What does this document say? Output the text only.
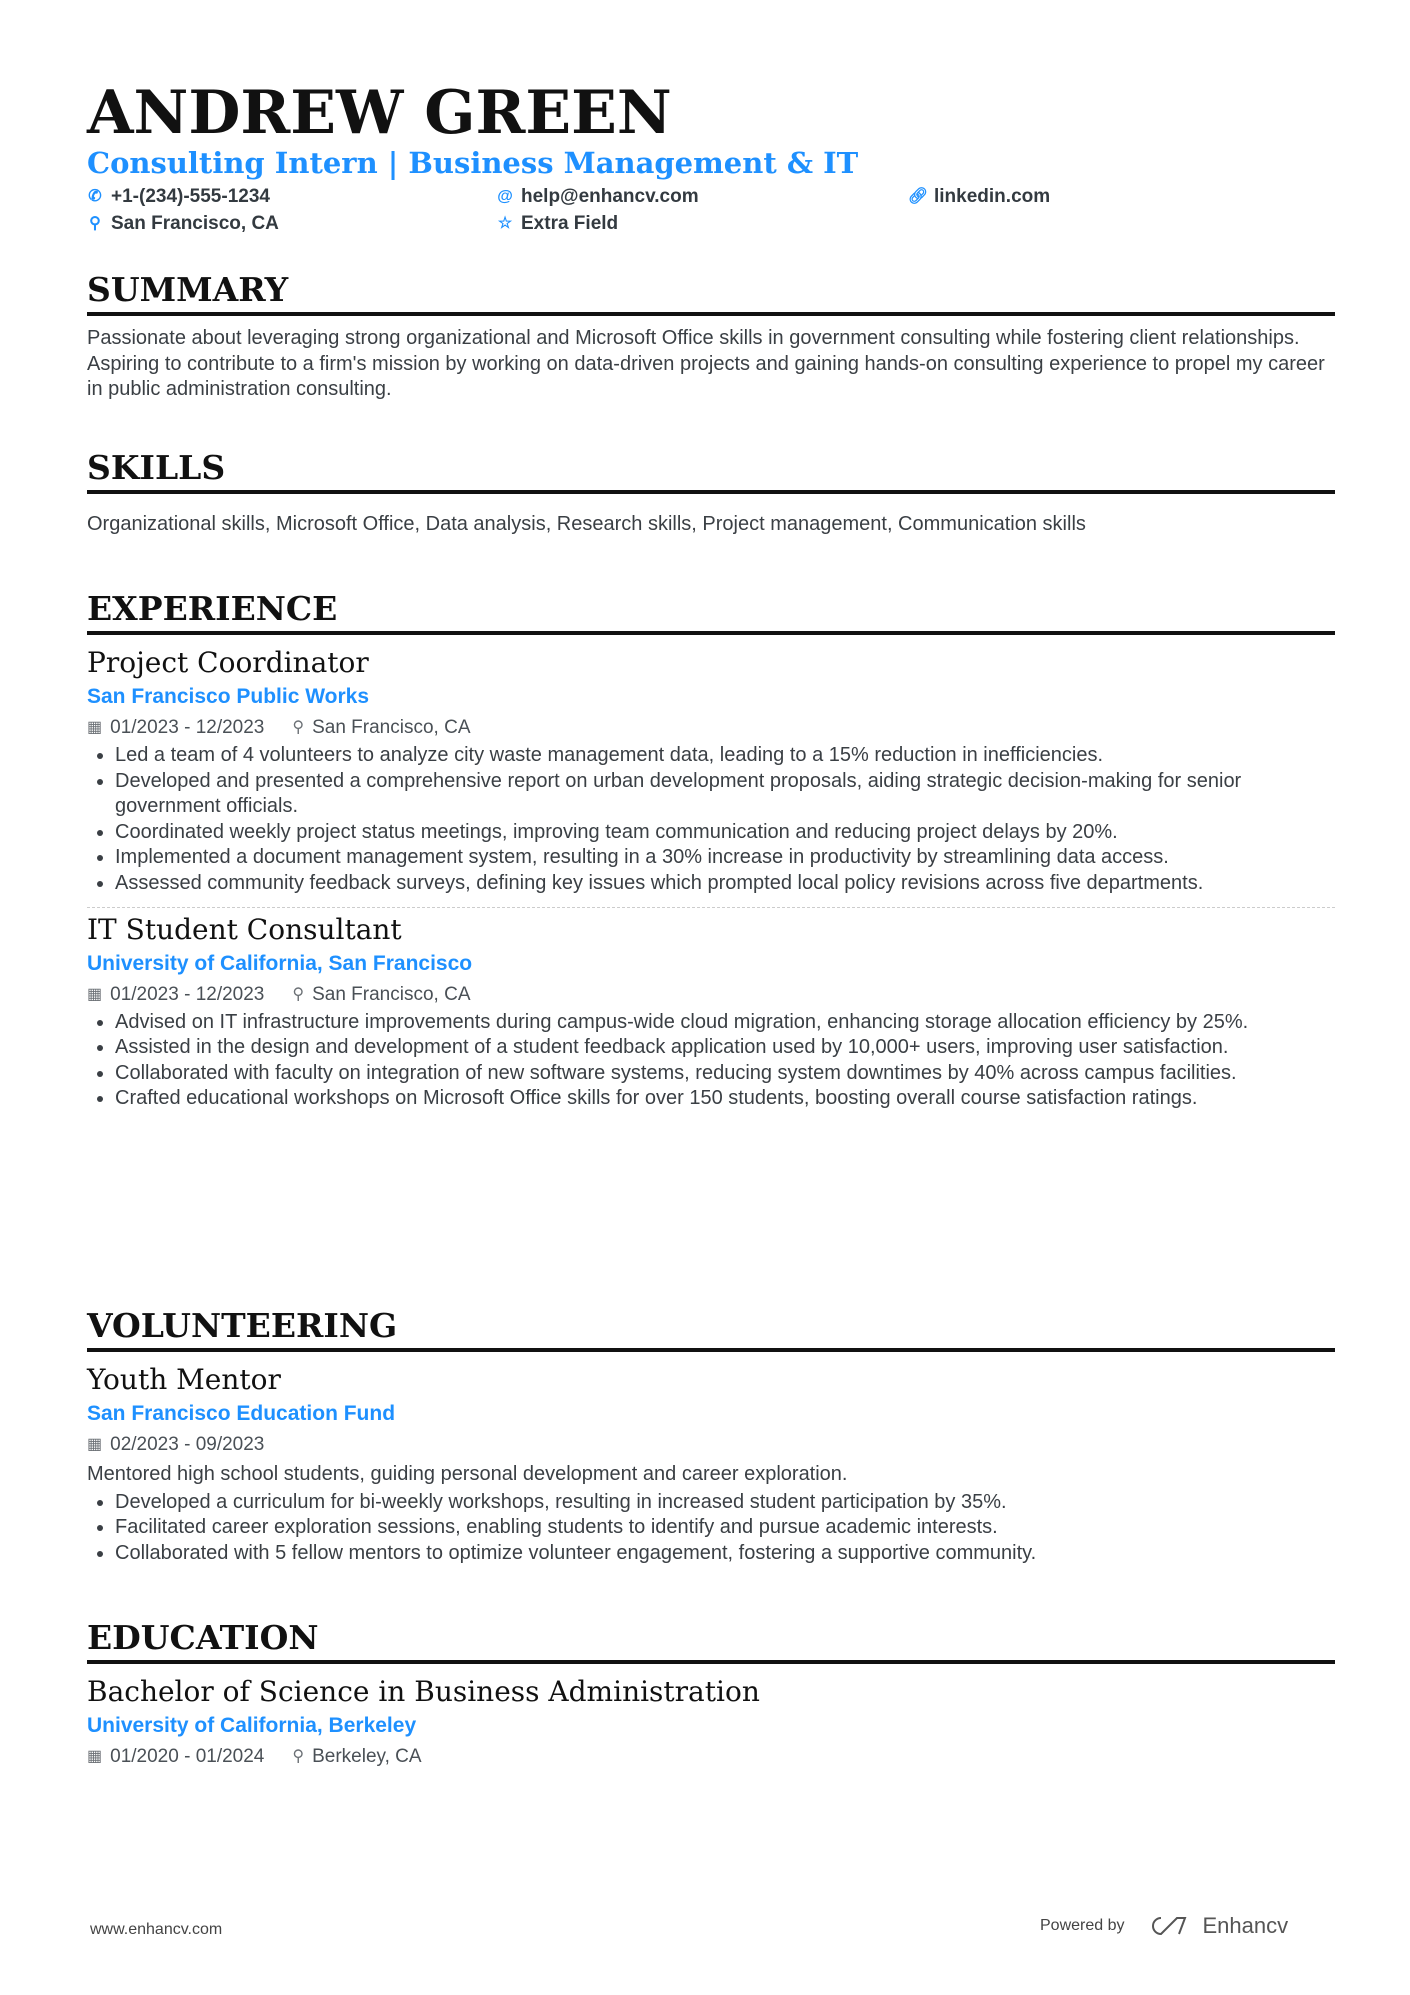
ANDREW GREEN
Consulting Intern | Business Management & IT
✆ +1-(234)-555-1234	@ help@enhancv.com	🔗︎ linkedin.com
⚲ San Francisco, CA	☆ Extra Field
SUMMARY
Passionate about leveraging strong organizational and Microsoft Office skills in government consulting while fostering client relationships. Aspiring to contribute to a firm's mission by working on data-driven projects and gaining hands-on consulting experience to propel my career in public administration consulting.
SKILLS
Organizational skills, Microsoft Office, Data analysis, Research skills, Project management, Communication skills
EXPERIENCE
Project Coordinator
San Francisco Public Works
▦ 01/2023 - 12/2023 ⚲ San Francisco, CA
• Led a team of 4 volunteers to analyze city waste management data, leading to a 15% reduction in inefficiencies.
• Developed and presented a comprehensive report on urban development proposals, aiding strategic decision-making for senior government officials.
• Coordinated weekly project status meetings, improving team communication and reducing project delays by 20%.
• Implemented a document management system, resulting in a 30% increase in productivity by streamlining data access.
• Assessed community feedback surveys, defining key issues which prompted local policy revisions across five departments.
IT Student Consultant
University of California, San Francisco
▦ 01/2023 - 12/2023 ⚲ San Francisco, CA
• Advised on IT infrastructure improvements during campus-wide cloud migration, enhancing storage allocation efficiency by 25%.
• Assisted in the design and development of a student feedback application used by 10,000+ users, improving user satisfaction.
• Collaborated with faculty on integration of new software systems, reducing system downtimes by 40% across campus facilities.
• Crafted educational workshops on Microsoft Office skills for over 150 students, boosting overall course satisfaction ratings.
VOLUNTEERING
Youth Mentor
San Francisco Education Fund
▦ 02/2023 - 09/2023
Mentored high school students, guiding personal development and career exploration.
• Developed a curriculum for bi-weekly workshops, resulting in increased student participation by 35%.
• Facilitated career exploration sessions, enabling students to identify and pursue academic interests.
• Collaborated with 5 fellow mentors to optimize volunteer engagement, fostering a supportive community.
EDUCATION
Bachelor of Science in Business Administration
University of California, Berkeley
▦ 01/2020 - 01/2024 ⚲ Berkeley, CA
www.enhancv.com	Powered by	Enhancv
